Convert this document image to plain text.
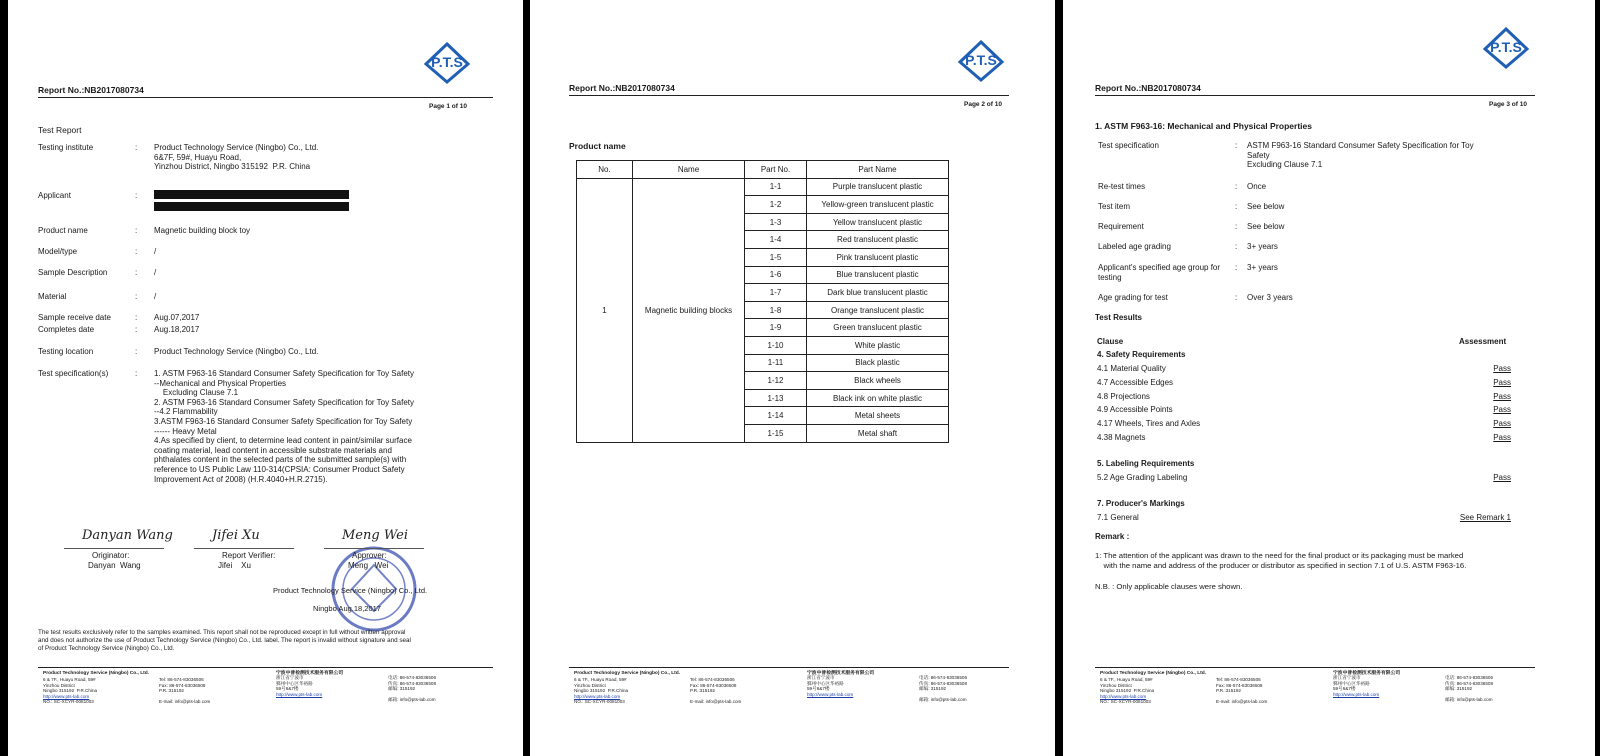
P.T.S
Report No.:NB2017080734
Page 1 of 10
Test Report
Product Technology Service (Ningbo) Co., Ltd.
Ningbo Aug.18,2017
The test results exclusively refer to the samples examined. This report shall not be reproduced except in full without written approval
and does not authorize the use of Product Technology Service (Ningbo) Co., Ltd. label. The report is invalid without signature and seal
of Product Technology Service (Ningbo) Co., Ltd.
Testing institute	: Product Technology Service (Ningbo) Co., Ltd.
6&7F, 59#, Huayu Road,
Yinzhou District, Ningbo 315192  P.R. China
Applicant	:
Product name	: Magnetic building block toy
Model/type	: /
Sample Description	: /
Material	: /
Sample receive date	: Aug.07,2017
Completes date	: Aug.18,2017
Testing location	: Product Technology Service (Ningbo) Co., Ltd.
Test specification(s)	: 1. ASTM F963-16 Standard Consumer Safety Specification for Toy Safety
--Mechanical and Physical Properties
Excluding Clause 7.1
2. ASTM F963-16 Standard Consumer Safety Specification for Toy Safety
--4.2 Flammability
3.ASTM F963-16 Standard Consumer Safety Specification for Toy Safety
------ Heavy Metal
4.As specified by client, to determine lead content in paint/similar surface
coating material, lead content in accessible substrate materials and
phthalates content in the selected parts of the submitted sample(s) with
reference to US Public Law 110-314(CPSIA: Consumer Product Safety
Improvement Act of 2008) (H.R.4040+H.R.2715).
Danyan Wang
Originator:
Danyan  Wang
Jifei Xu
Report Verifier:
Jifei    Xu
Meng Wei
Approver:
Meng   Wei
Product Technology Service (Ningbo) Co., Ltd.
6 & 7F., Huayu Road, 59#
Yinzhou District
Ningbo 315192  P.R.China
http://www.pts-lab.com
NO.: SC-XCYR-0081003
Tel: 86-574-83036506
Fax: 86-574-83036508
P.R.:315192
E-mail: info@pts-lab.com
宁波中普检测技术服务有限公司
浙江省宁波市
鄞州中心区华裕路
59号6&7楼
http://www.pts-lab.com
电话: 86-574-83036506
传真: 86-574-83036508
邮编: 315192
邮箱: info@pts-lab.com
P.T.S
Report No.:NB2017080734
Page 2 of 10
Product name
No.	Name	Part No.	Part Name
1	Magnetic building blocks	1-1	Purple translucent plastic
		1-2	Yellow-green translucent plastic
		1-3	Yellow translucent plastic
		1-4	Red translucent plastic
		1-5	Pink translucent plastic
		1-6	Blue translucent plastic
		1-7	Dark blue translucent plastic
		1-8	Orange translucent plastic
		1-9	Green translucent plastic
		1-10	White plastic
		1-11	Black plastic
		1-12	Black wheels
		1-13	Black ink on white plastic
		1-14	Metal sheets
		1-15	Metal shaft
Product Technology Service (Ningbo) Co., Ltd.
6 & 7F., Huayu Road, 59#
Yinzhou District
Ningbo 315192  P.R.China
http://www.pts-lab.com
NO.: SC-XCYR-0081003
Tel: 86-574-83036506
Fax: 86-574-83036508
P.R.:315192
E-mail: info@pts-lab.com
宁波中普检测技术服务有限公司
浙江省宁波市
鄞州中心区华裕路
59号6&7楼
http://www.pts-lab.com
电话: 86-574-83036506
传真: 86-574-83036508
邮编: 315192
邮箱: info@pts-lab.com
P.T.S
Report No.:NB2017080734
Page 3 of 10
1. ASTM F963-16: Mechanical and Physical Properties
Test Results
Clause	Assessment
Remark :
1: The attention of the applicant was drawn to the need for the final product or its packaging must be marked
with the name and address of the producer or distributor as specified in section 7.1 of U.S. ASTM F963-16.
N.B. : Only applicable clauses were shown.
Test specification	: ASTM F963-16 Standard Consumer Safety Specification for Toy
Safety
Excluding Clause 7.1
Re-test times	: Once
Test item	: See below
Requirement	: See below
Labeled age grading	: 3+ years
Applicant's specified age group for testing
: 3+ years
Age grading for test	: Over 3 years
4. Safety Requirements
4.1 Material Quality	Pass
4.7 Accessible Edges	Pass
4.8 Projections	Pass
4.9 Accessible Points	Pass
4.17 Wheels, Tires and Axles	Pass
4.38 Magnets	Pass
5. Labeling Requirements
5.2 Age Grading Labeling	Pass
7. Producer's Markings
7.1 General	See Remark 1
Product Technology Service (Ningbo) Co., Ltd.
6 & 7F., Huayu Road, 59#
Yinzhou District
Ningbo 315192  P.R.China
http://www.pts-lab.com
NO.: SC-XCYR-0081003
Tel: 86-574-83036506
Fax: 86-574-83036508
P.R.:315192
E-mail: info@pts-lab.com
宁波中普检测技术服务有限公司
浙江省宁波市
鄞州中心区华裕路
59号6&7楼
http://www.pts-lab.com
电话: 86-574-83036506
传真: 86-574-83036508
邮编: 315192
邮箱: info@pts-lab.com
